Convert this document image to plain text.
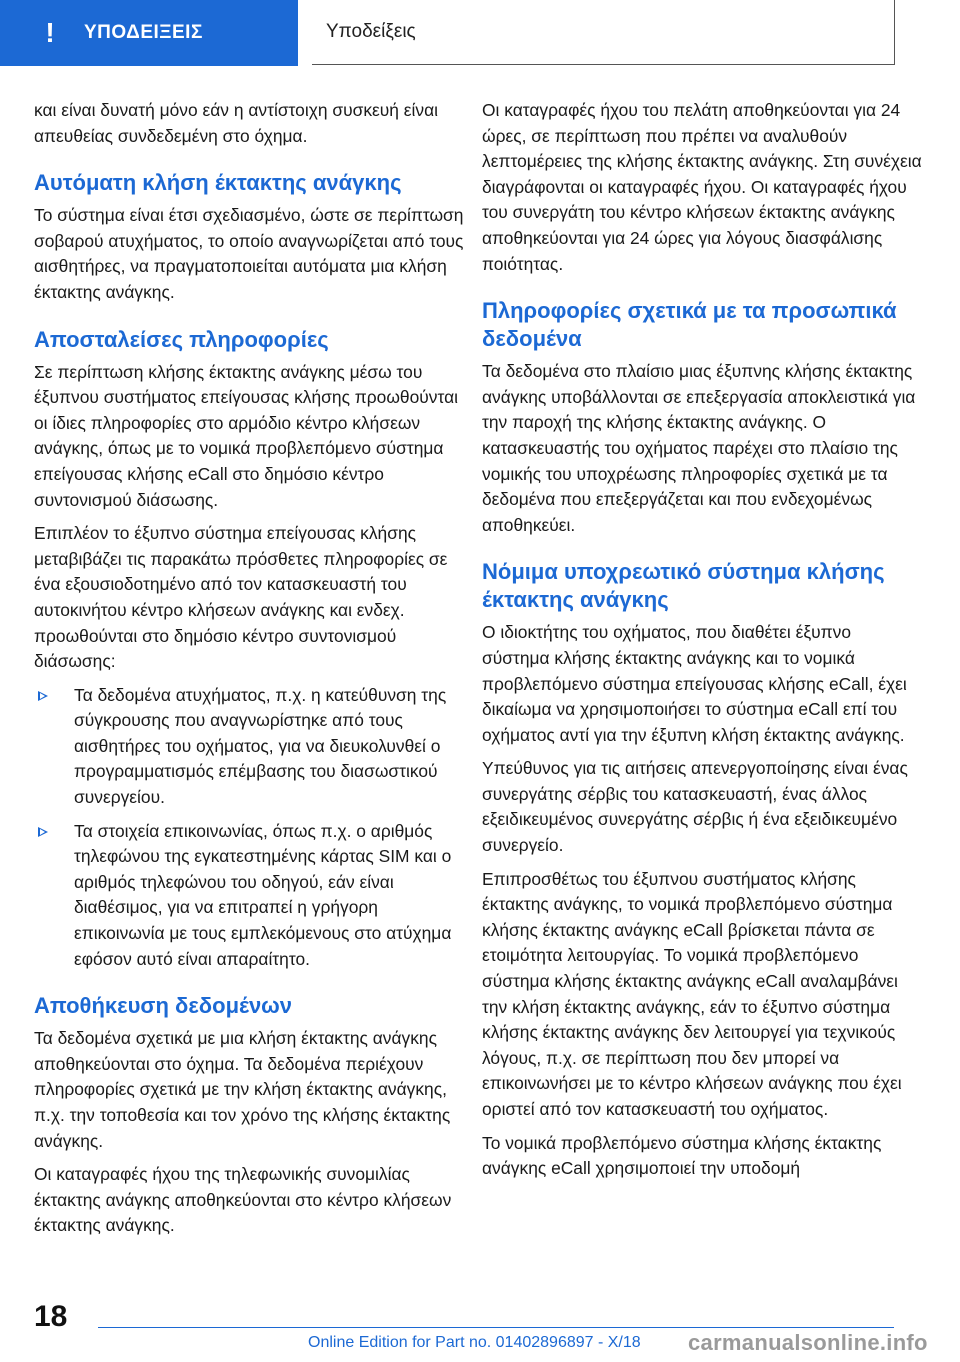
! ΥΠΟΔΕΙΞΕΙΣ	Υποδείξεις

και είναι δυνατή μόνο εάν η αντίστοιχη συσκευή είναι απευθείας συνδεδεμένη στο όχημα.

Αυτόματη κλήση έκτακτης ανάγκης

Το σύστημα είναι έτσι σχεδιασμένο, ώστε σε περίπτωση σοβαρού ατυχήματος, το οποίο αναγνωρίζεται από τους αισθητήρες, να πραγματοποιείται αυτόματα μια κλήση έκτακτης ανάγκης.

Αποσταλείσες πληροφορίες

Σε περίπτωση κλήσης έκτακτης ανάγκης μέσω του έξυπνου συστήματος επείγουσας κλήσης προωθούνται οι ίδιες πληροφορίες στο αρμόδιο κέντρο κλήσεων ανάγκης, όπως με το νομικά προβλεπόμενο σύστημα επείγουσας κλήσης eCall στο δημόσιο κέντρο συντονισμού διάσωσης.

Επιπλέον το έξυπνο σύστημα επείγουσας κλήσης μεταβιβάζει τις παρακάτω πρόσθετες πληροφορίες σε ένα εξουσιοδοτημένο από τον κατασκευαστή του αυτοκινήτου κέντρο κλήσεων ανάγκης και ενδεχ. προωθούνται στο δημόσιο κέντρο συντονισμού διάσωσης:

Τα δεδομένα ατυχήματος, π.χ. η κατεύθυνση της σύγκρουσης που αναγνωρίστηκε από τους αισθητήρες του οχήματος, για να διευκολυνθεί ο προγραμματισμός επέμβασης του διασωστικού συνεργείου.
Τα στοιχεία επικοινωνίας, όπως π.χ. ο αριθμός τηλεφώνου της εγκατεστημένης κάρτας SIM και ο αριθμός τηλεφώνου του οδηγού, εάν είναι διαθέσιμος, για να επιτραπεί η γρήγορη επικοινωνία με τους εμπλεκόμενους στο ατύχημα εφόσον αυτό είναι απαραίτητο.
Αποθήκευση δεδομένων

Τα δεδομένα σχετικά με μια κλήση έκτακτης ανάγκης αποθηκεύονται στο όχημα. Τα δεδομένα περιέχουν πληροφορίες σχετικά με την κλήση έκτακτης ανάγκης, π.χ. την τοποθεσία και τον χρόνο της κλήσης έκτακτης ανάγκης.

Οι καταγραφές ήχου της τηλεφωνικής συνομιλίας έκτακτης ανάγκης αποθηκεύονται στο κέντρο κλήσεων έκτακτης ανάγκης.

Οι καταγραφές ήχου του πελάτη αποθηκεύονται για 24 ώρες, σε περίπτωση που πρέπει να αναλυθούν λεπτομέρειες της κλήσης έκτακτης ανάγκης. Στη συνέχεια διαγράφονται οι καταγραφές ήχου. Οι καταγραφές ήχου του συνεργάτη του κέντρο κλήσεων έκτακτης ανάγκης αποθηκεύονται για 24 ώρες για λόγους διασφάλισης ποιότητας.

Πληροφορίες σχετικά με τα προσωπικά δεδομένα

Τα δεδομένα στο πλαίσιο μιας έξυπνης κλήσης έκτακτης ανάγκης υποβάλλονται σε επεξεργασία αποκλειστικά για την παροχή της κλήσης έκτακτης ανάγκης. Ο κατασκευαστής του οχήματος παρέχει στο πλαίσιο της νομικής του υποχρέωσης πληροφορίες σχετικά με τα δεδομένα που επεξεργάζεται και που ενδεχομένως αποθηκεύει.

Νόμιμα υποχρεωτικό σύστημα κλήσης έκτακτης ανάγκης

Ο ιδιοκτήτης του οχήματος, που διαθέτει έξυπνο σύστημα κλήσης έκτακτης ανάγκης και το νομικά προβλεπόμενο σύστημα επείγουσας κλήσης eCall, έχει δικαίωμα να χρησιμοποιήσει το σύστημα eCall επί του οχήματος αντί για την έξυπνη κλήση έκτακτης ανάγκης.

Υπεύθυνος για τις αιτήσεις απενεργοποίησης είναι ένας συνεργάτης σέρβις του κατασκευαστή, ένας άλλος εξειδικευμένος συνεργάτης σέρβις ή ένα εξειδικευμένο συνεργείο.

Επιπροσθέτως του έξυπνου συστήματος κλήσης έκτακτης ανάγκης, το νομικά προβλεπόμενο σύστημα κλήσης έκτακτης ανάγκης eCall βρίσκεται πάντα σε ετοιμότητα λειτουργίας. Το νομικά προβλεπόμενο σύστημα κλήσης έκτακτης ανάγκης eCall αναλαμβάνει την κλήση έκτακτης ανάγκης, εάν το έξυπνο σύστημα κλήσης έκτακτης ανάγκης δεν λειτουργεί για τεχνικούς λόγους, π.χ. σε περίπτωση που δεν μπορεί να επικοινωνήσει με το κέντρο κλήσεων ανάγκης που έχει οριστεί από τον κατασκευαστή του οχήματος.

Το νομικά προβλεπόμενο σύστημα κλήσης έκτακτης ανάγκης eCall χρησιμοποιεί την υποδομή

18
Online Edition for Part no. 01402896897 - X/18 carmanualsonline.info
